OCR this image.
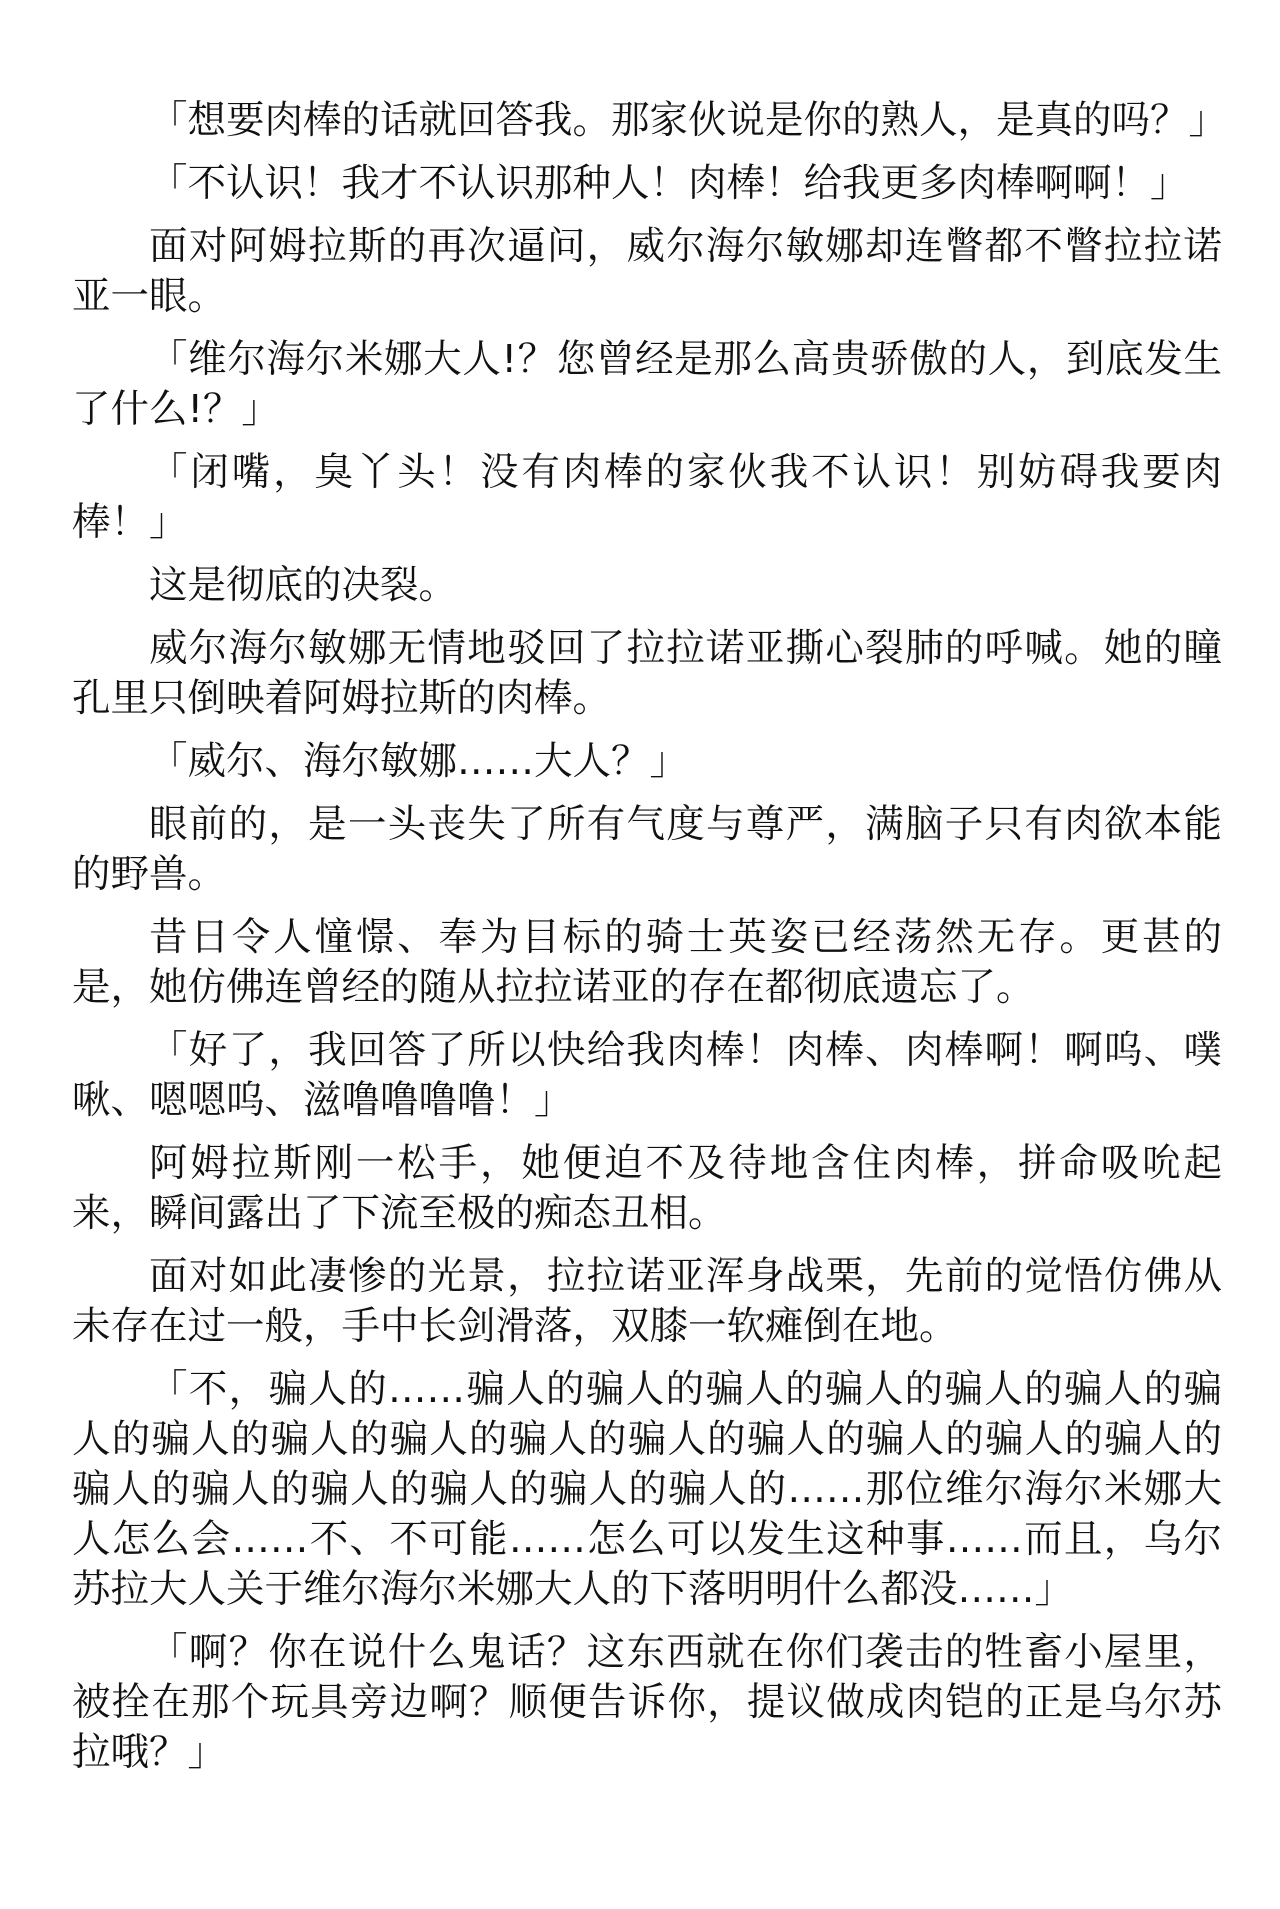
「想要肉棒的话就回答我。那家伙说是你的熟人，是真的吗？」

「不认识！我才不认识那种人！肉棒！给我更多肉棒啊啊！」

面对阿姆拉斯的再次逼问，威尔海尔敏娜却连瞥都不瞥拉拉诺亚一眼。

「维尔海尔米娜大人!？您曾经是那么高贵骄傲的人，到底发生了什么!？」

「闭嘴，臭丫头！没有肉棒的家伙我不认识！别妨碍我要肉棒！」

这是彻底的决裂。

威尔海尔敏娜无情地驳回了拉拉诺亚撕心裂肺的呼喊。她的瞳孔里只倒映着阿姆拉斯的肉棒。

「威尔、海尔敏娜……大人？」

眼前的，是一头丧失了所有气度与尊严，满脑子只有肉欲本能的野兽。

昔日令人憧憬、奉为目标的骑士英姿已经荡然无存。更甚的是，她仿佛连曾经的随从拉拉诺亚的存在都彻底遗忘了。

「好了，我回答了所以快给我肉棒！肉棒、肉棒啊！啊呜、噗啾、嗯嗯呜、滋噜噜噜噜！」

阿姆拉斯刚一松手，她便迫不及待地含住肉棒，拼命吸吮起来，瞬间露出了下流至极的痴态丑相。

面对如此凄惨的光景，拉拉诺亚浑身战栗，先前的觉悟仿佛从未存在过一般，手中长剑滑落，双膝一软瘫倒在地。

「不，骗人的……骗人的骗人的骗人的骗人的骗人的骗人的骗人的骗人的骗人的骗人的骗人的骗人的骗人的骗人的骗人的骗人的骗人的骗人的骗人的骗人的骗人的骗人的……那位维尔海尔米娜大人怎么会……不、不可能……怎么可以发生这种事……而且，乌尔苏拉大人关于维尔海尔米娜大人的下落明明什么都没……」

「啊？你在说什么鬼话？这东西就在你们袭击的牲畜小屋里，被拴在那个玩具旁边啊？顺便告诉你，提议做成肉铠的正是乌尔苏拉哦？」
